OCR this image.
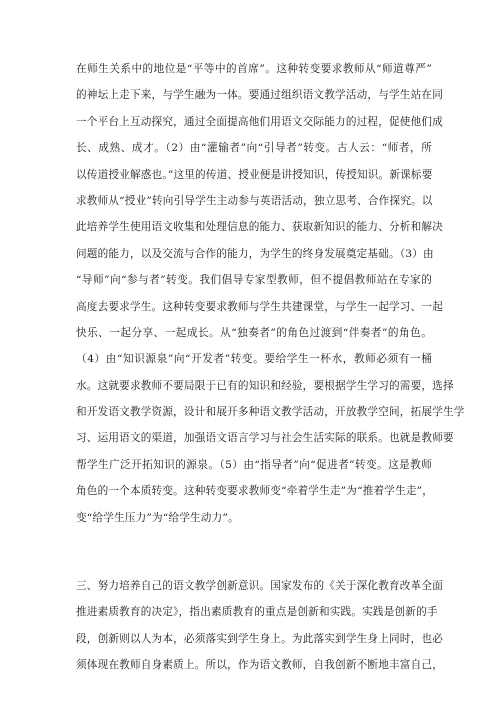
在师生关系中的地位是“平等中的首席”。这种转变要求教师从“师道尊严”
的神坛上走下来，与学生融为一体。要通过组织语文教学活动，与学生站在同
一个平台上互动探究，通过全面提高他们用语文交际能力的过程，促使他们成
长、成熟、成才。（2）由“灌输者”向“引导者”转变。古人云：“师者，所
以传道授业解惑也。”这里的传道、授业便是讲授知识，传授知识。新课标要
求教师从“授业”转向引导学生主动参与英语活动，独立思考、合作探究。以
此培养学生使用语文收集和处理信息的能力、获取新知识的能力、分析和解决
问题的能力，以及交流与合作的能力，为学生的终身发展奠定基础。（3）由
“导师”向“参与者”转变。我们倡导专家型教师，但不提倡教师站在专家的
高度去要求学生。这种转变要求教师与学生共建课堂，与学生一起学习、一起
快乐、一起分享、一起成长。从“独奏者”的角色过渡到“伴奏者”的角色。
（4）由“知识源泉”向“开发者”转变。要给学生一杯水，教师必须有一桶
水。这就要求教师不要局限于已有的知识和经验，要根据学生学习的需要，选择
和开发语文教学资源，设计和展开多种语文教学活动，开放教学空间，拓展学生学
习、运用语文的渠道，加强语文语言学习与社会生活实际的联系。也就是教师要
帮学生广泛开拓知识的源泉。（5）由“指导者”向“促进者”转变。这是教师
角色的一个本质转变。这种转变要求教师变“牵着学生走”为“推着学生走”，
变“给学生压力”为“给学生动力”。
三、努力培养自己的语文教学创新意识。国家发布的《关于深化教育改革全面
推进素质教育的决定》，指出素质教育的重点是创新和实践。实践是创新的手
段，创新则以人为本，必须落实到学生身上。为此落实到学生身上同时，也必
须体现在教师自身素质上。所以，作为语文教师，自我创新不断地丰富自己，
